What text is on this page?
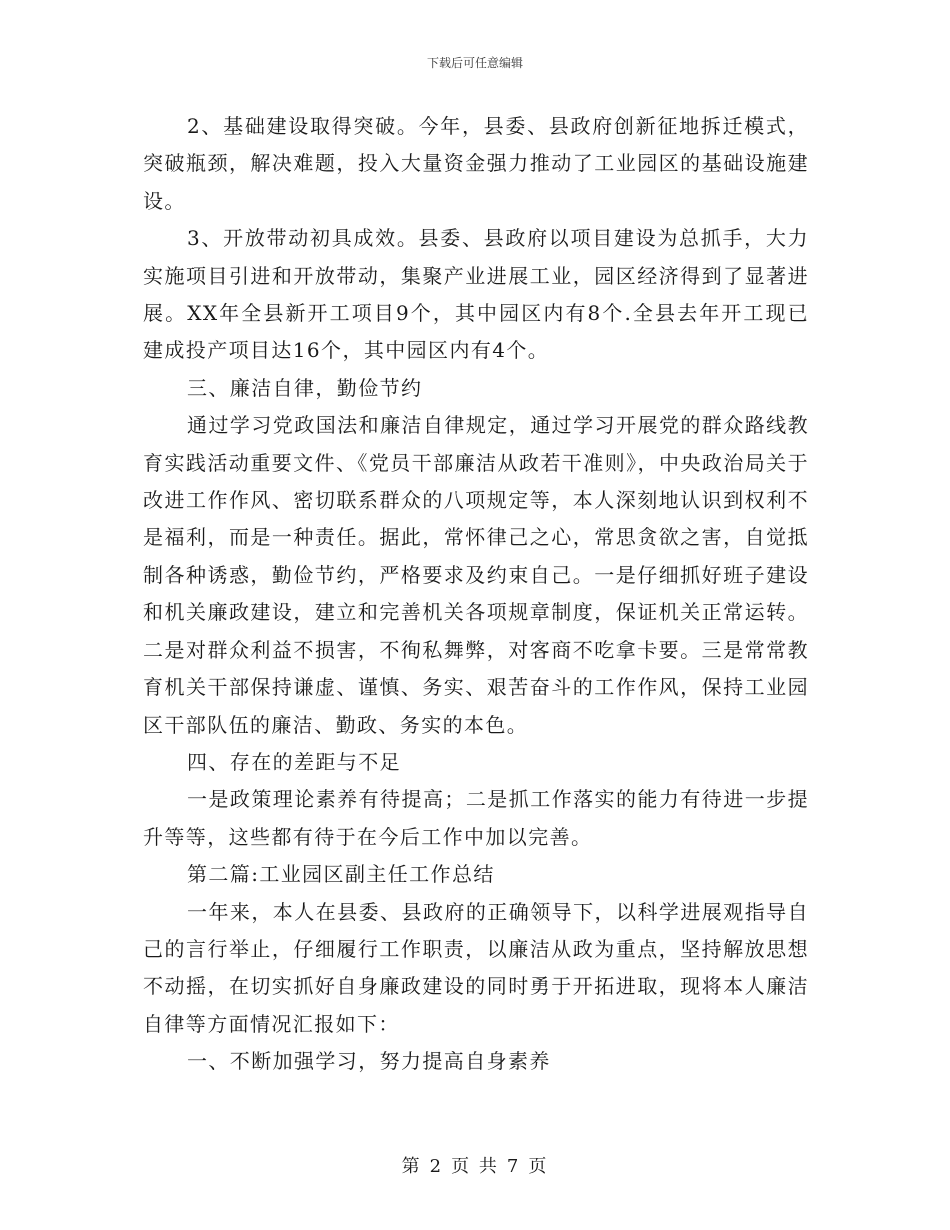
下载后可任意编辑

2、基础建设取得突破。今年，县委、县政府创新征地拆迁模式，突破瓶颈，解决难题，投入大量资金强力推动了工业园区的基础设施建设。

3、开放带动初具成效。县委、县政府以项目建设为总抓手，大力实施项目引进和开放带动，集聚产业进展工业，园区经济得到了显著进展。XX年全县新开工项目9个，其中园区内有8个.全县去年开工现已建成投产项目达16个，其中园区内有4个。

三、廉洁自律，勤俭节约

通过学习党政国法和廉洁自律规定，通过学习开展党的群众路线教育实践活动重要文件、《党员干部廉洁从政若干准则》，中央政治局关于改进工作作风、密切联系群众的八项规定等，本人深刻地认识到权利不是福利，而是一种责任。据此，常怀律己之心，常思贪欲之害，自觉抵制各种诱惑，勤俭节约，严格要求及约束自己。一是仔细抓好班子建设和机关廉政建设，建立和完善机关各项规章制度，保证机关正常运转。二是对群众利益不损害，不徇私舞弊，对客商不吃拿卡要。三是常常教育机关干部保持谦虚、谨慎、务实、艰苦奋斗的工作作风，保持工业园区干部队伍的廉洁、勤政、务实的本色。

四、存在的差距与不足

一是政策理论素养有待提高；二是抓工作落实的能力有待进一步提升等等，这些都有待于在今后工作中加以完善。

第二篇:工业园区副主任工作总结

一年来，本人在县委、县政府的正确领导下，以科学进展观指导自己的言行举止，仔细履行工作职责，以廉洁从政为重点，坚持解放思想不动摇，在切实抓好自身廉政建设的同时勇于开拓进取，现将本人廉洁自律等方面情况汇报如下：

一、不断加强学习，努力提高自身素养

第 2 页 共 7 页
